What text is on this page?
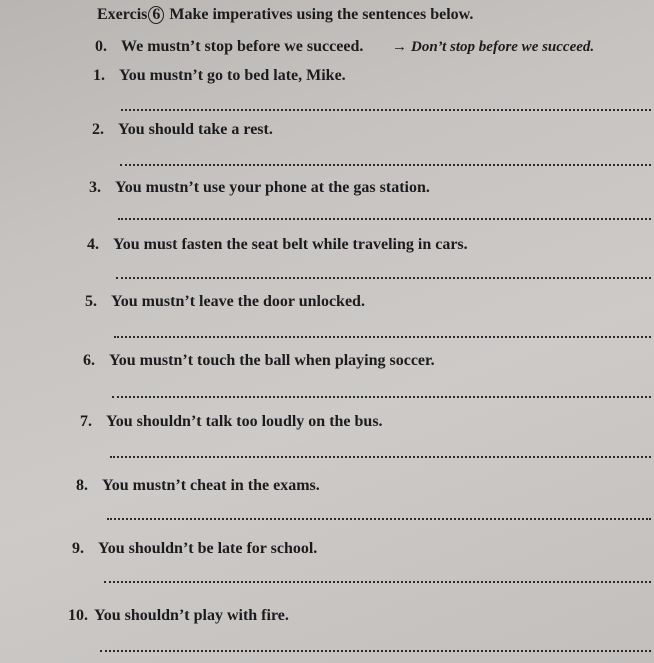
Exercis 6 Make imperatives using the sentences below.
0. We mustn’t stop before we succeed. → Don’t stop before we succeed.
1. You mustn’t go to bed late, Mike.
2. You should take a rest.
3. You mustn’t use your phone at the gas station.
4. You must fasten the seat belt while traveling in cars.
5. You mustn’t leave the door unlocked.
6. You mustn’t touch the ball when playing soccer.
7. You shouldn’t talk too loudly on the bus.
8. You mustn’t cheat in the exams.
9. You shouldn’t be late for school.
10. You shouldn’t play with fire.
